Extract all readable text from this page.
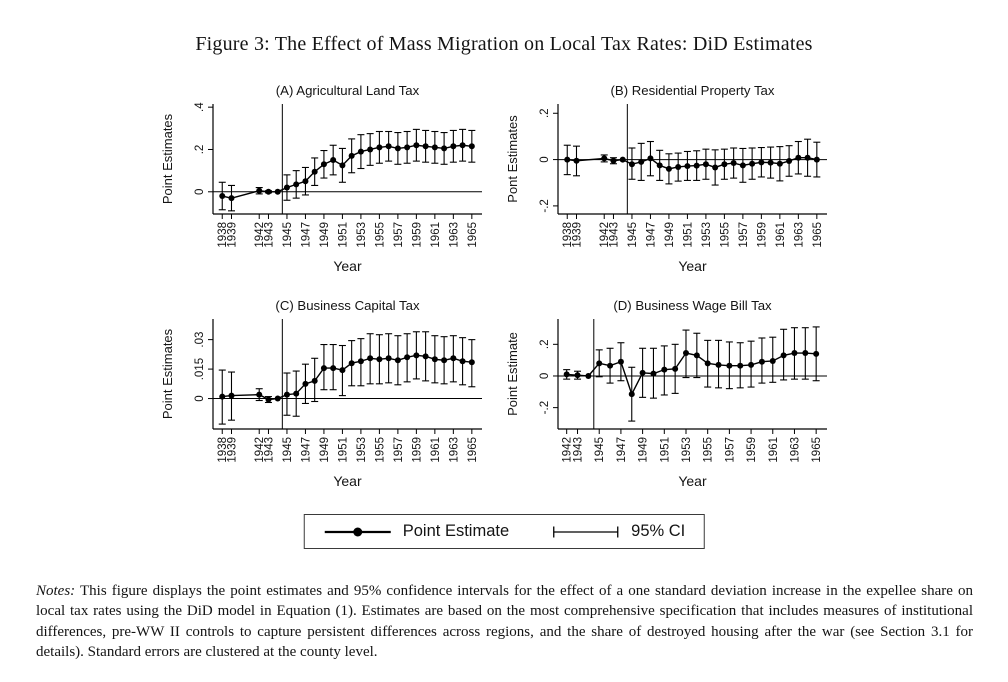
Figure 3: The Effect of Mass Migration on Local Tax Rates: DiD Estimates
(A) Agricultural Land Tax
0
.2
.4
Point Estimates
1938
1939 1942
1943 1945 1947 1949 1951 1953 1955 1957 1959 1961 1963 1965
Year
(B) Residential Property Tax
-.2
0
.2
Pont Estimates
1938
1939 1942
1943 1945 1947 1949 1951 1953 1955 1957 1959 1961 1963 1965
Year
(C) Business Capital Tax
0
.015
.03
Point Estimates
1938
1939 1942
1943 1945 1947 1949 1951 1953 1955 1957 1959 1961 1963 1965
Year
(D) Business Wage Bill Tax
-.2
0
.2
Point Estimate
1942
1943 1945 1947 1949 1951 1953 1955 1957 1959 1961 1963 1965
Year
Point Estimate	95% CI

Notes: This figure displays the point estimates and 95% confidence intervals for the effect of a one standard deviation increase in the expellee share on local tax rates using the DiD model in Equation (1). Estimates are based on the most comprehensive specification that includes measures of institutional differences, pre-WW II controls to capture persistent differences across regions, and the share of destroyed housing after the war (see Section 3.1 for details). Standard errors are clustered at the county level.
